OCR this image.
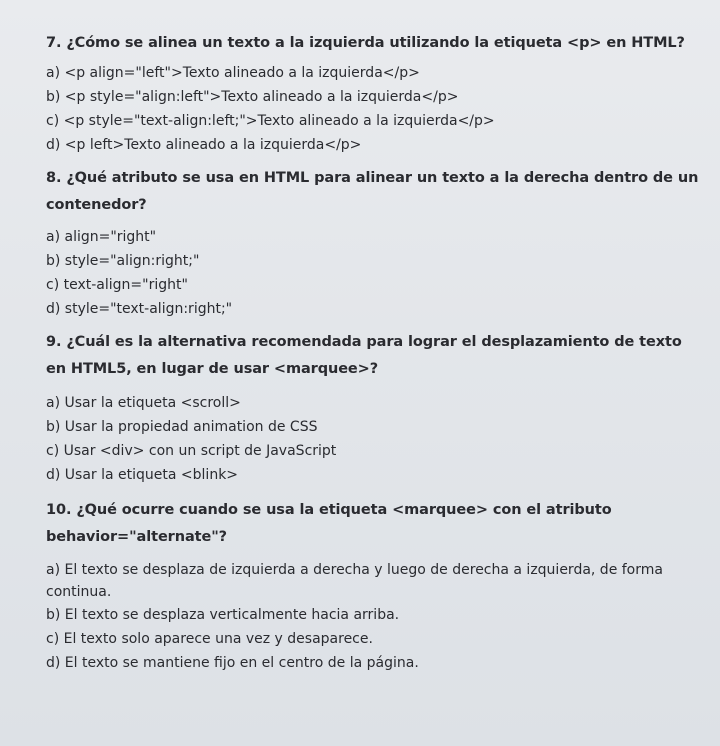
7. ¿Cómo se alinea un texto a la izquierda utilizando la etiqueta <p> en HTML?

a) <p align="left">Texto alineado a la izquierda</p>
b) <p style="align:left">Texto alineado a la izquierda</p>
c) <p style="text-align:left;">Texto alineado a la izquierda</p>
d) <p left>Texto alineado a la izquierda</p>

8. ¿Qué atributo se usa en HTML para alinear un texto a la derecha dentro de un contenedor?

a) align="right"
b) style="align:right;"
c) text-align="right"
d) style="text-align:right;"

9. ¿Cuál es la alternativa recomendada para lograr el desplazamiento de texto en HTML5, en lugar de usar <marquee>?

a) Usar la etiqueta <scroll>
b) Usar la propiedad animation de CSS
c) Usar <div> con un script de JavaScript
d) Usar la etiqueta <blink>

10. ¿Qué ocurre cuando se usa la etiqueta <marquee> con el atributo behavior="alternate"?

a) El texto se desplaza de izquierda a derecha y luego de derecha a izquierda, de forma continua.
b) El texto se desplaza verticalmente hacia arriba.
c) El texto solo aparece una vez y desaparece.
d) El texto se mantiene fijo en el centro de la página.
